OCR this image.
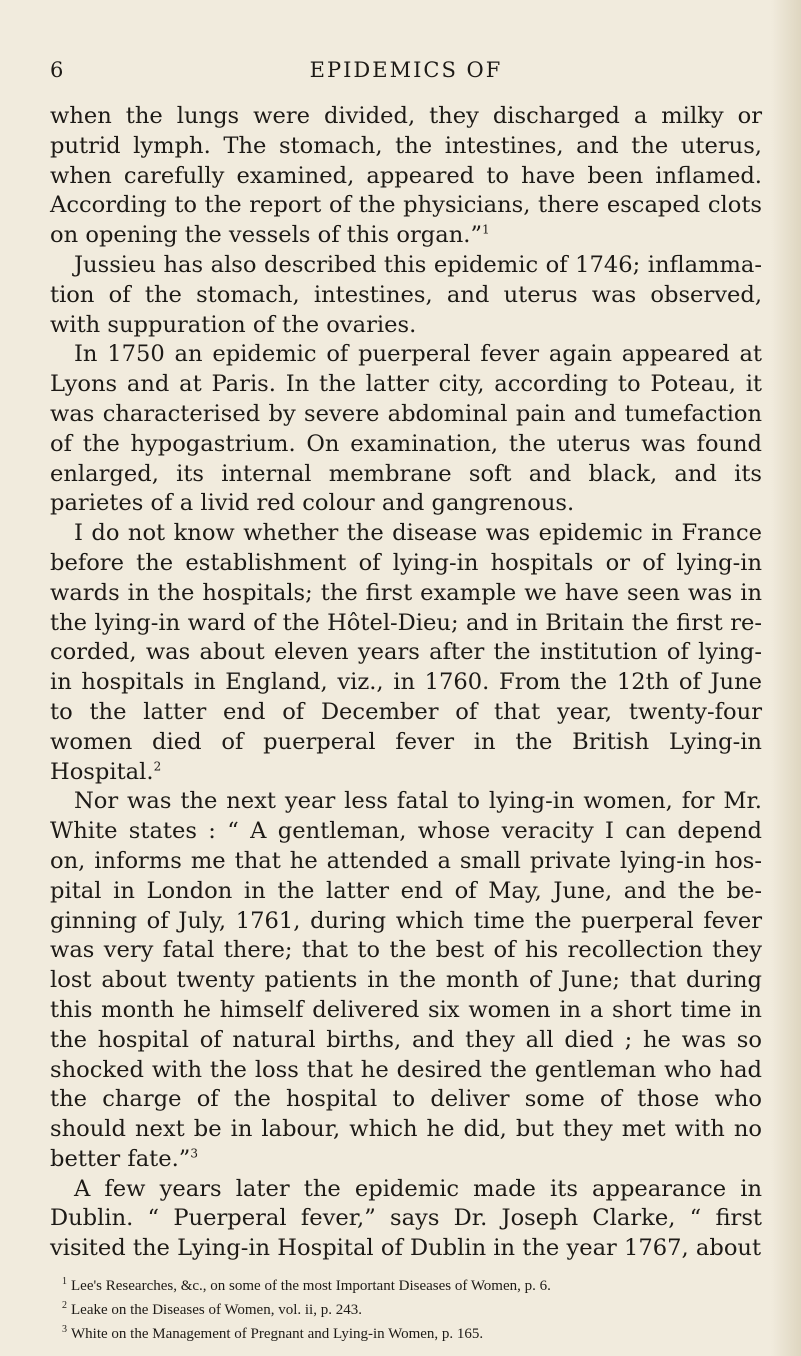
6	EPIDEMICS OF

when the lungs were divided, they discharged a milky or putrid lymph. The stomach, the intestines, and the uterus, when carefully examined, appeared to have been inflamed. According to the report of the physicians, there escaped clots on opening the vessels of this organ.”$^1$

Jussieu has also described this epidemic of 1746; inflamma-tion of the stomach, intestines, and uterus was observed, with suppuration of the ovaries.

In 1750 an epidemic of puerperal fever again appeared at Lyons and at Paris. In the latter city, according to Poteau, it was characterised by severe abdominal pain and tumefaction of the hypogastrium. On examination, the uterus was found enlarged, its internal membrane soft and black, and its parietes of a livid red colour and gangrenous.

I do not know whether the disease was epidemic in France before the establishment of lying-in hospitals or of lying-in wards in the hospitals; the first example we have seen was in the lying-in ward of the Hôtel-Dieu; and in Britain the first re-corded, was about eleven years after the institution of lying-in hospitals in England, viz., in 1760. From the 12th of June to the latter end of December of that year, twenty-four women died of puerperal fever in the British Lying-in Hospital.$^2$

Nor was the next year less fatal to lying-in women, for Mr. White states : “ A gentleman, whose veracity I can depend on, informs me that he attended a small private lying-in hos-pital in London in the latter end of May, June, and the be-ginning of July, 1761, during which time the puerperal fever was very fatal there; that to the best of his recollection they lost about twenty patients in the month of June; that during this month he himself delivered six women in a short time in the hospital of natural births, and they all died ; he was so shocked with the loss that he desired the gentleman who had the charge of the hospital to deliver some of those who should next be in labour, which he did, but they met with no better fate.”$^3$

A few years later the epidemic made its appearance in Dublin. “ Puerperal fever,” says Dr. Joseph Clarke, “ first visited the Lying-in Hospital of Dublin in the year 1767, about

$^1$ Lee's Researches, &c., on some of the most Important Diseases of Women, p. 6.

$^2$ Leake on the Diseases of Women, vol. ii, p. 243.

$^3$ White on the Management of Pregnant and Lying-in Women, p. 165.
